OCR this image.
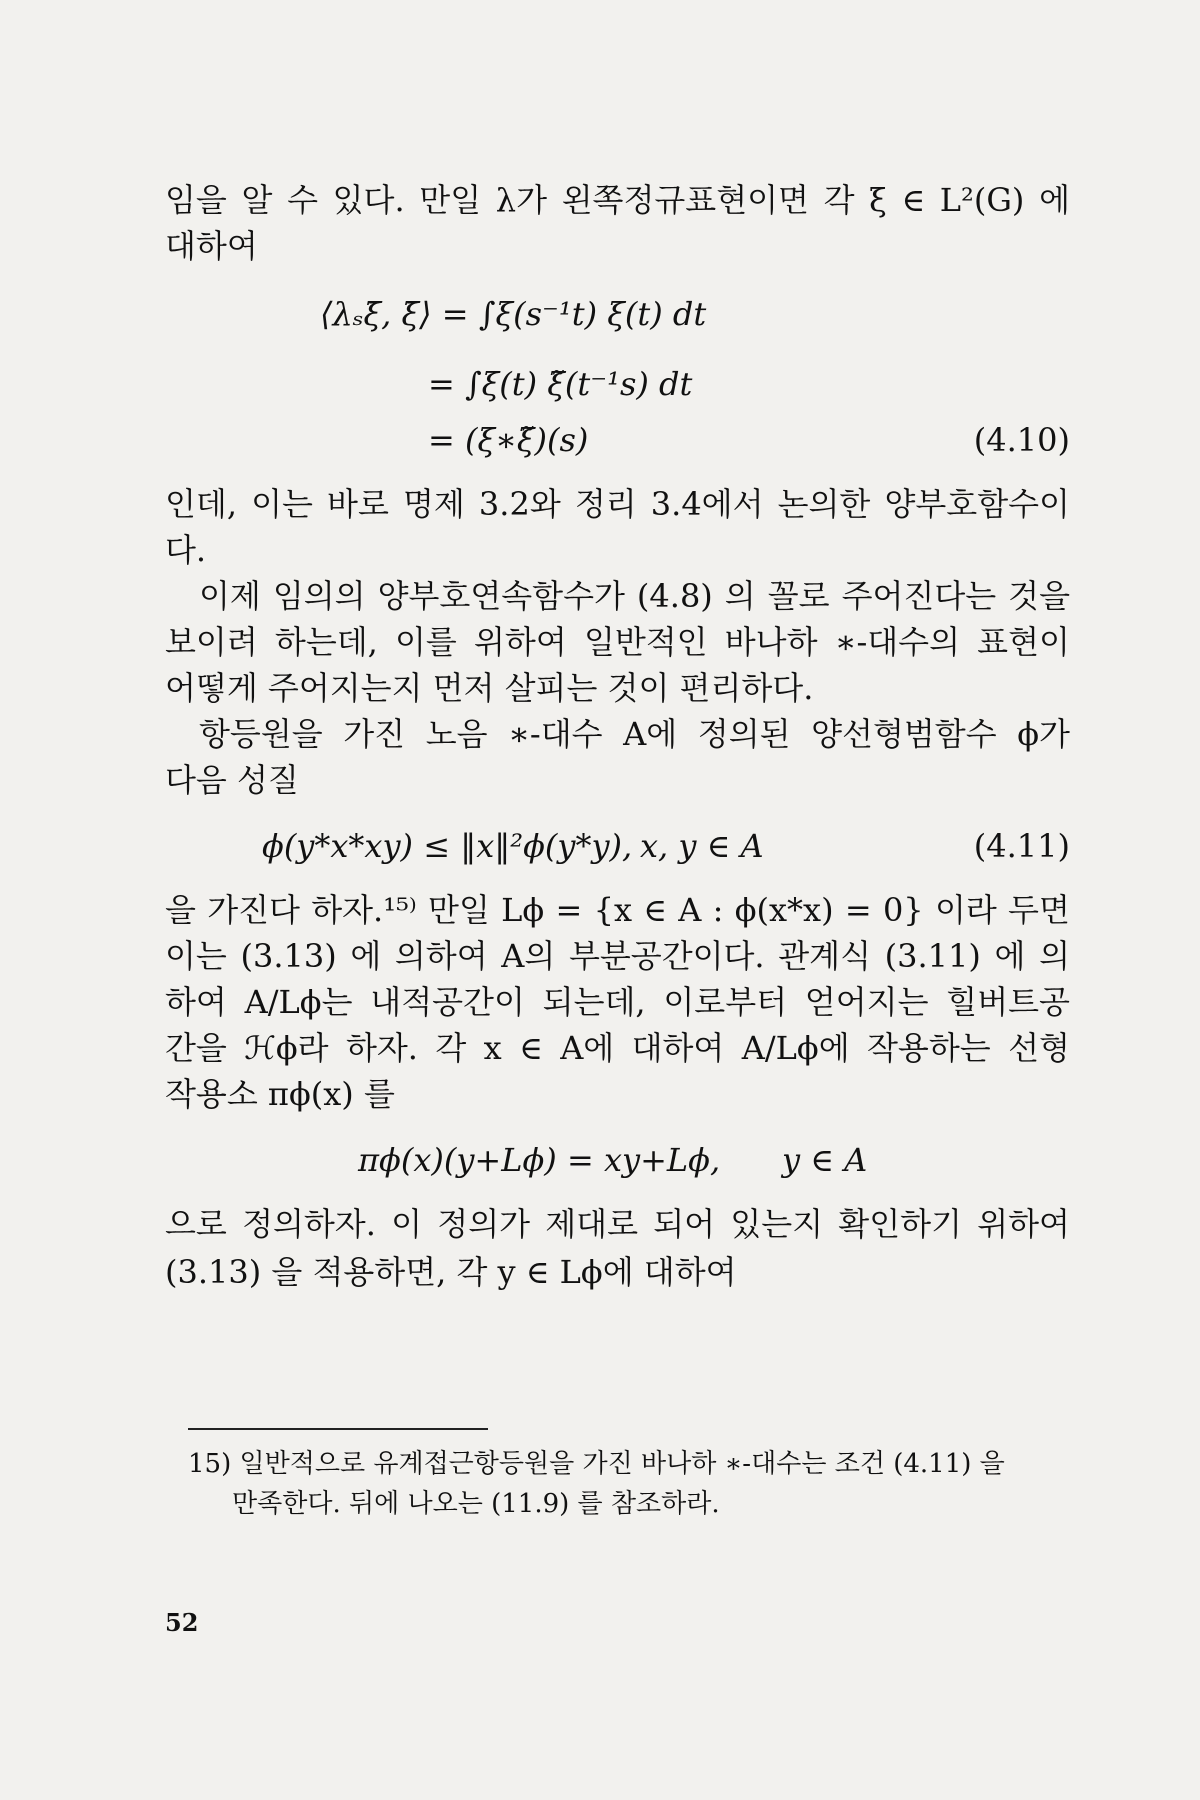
임을 알 수 있다. 만일 λ가 왼쪽정규표현이면 각 ξ ∈ L²(G) 에
대하여
⟨λₛξ̄, ξ̄⟩ = ∫ξ(s⁻¹t) ξ(t) dt
= ∫ξ(t) ξ̃(t⁻¹s) dt
= (ξ∗ξ̃)(s)	(4.10)
인데, 이는 바로 명제 3.2와 정리 3.4에서 논의한 양부호함수이
다.
이제 임의의 양부호연속함수가 (4.8) 의 꼴로 주어진다는 것을
보이려 하는데, 이를 위하여 일반적인 바나하 ∗-대수의 표현이
어떻게 주어지는지 먼저 살피는 것이 편리하다.
항등원을 가진 노음 ∗-대수 A에 정의된 양선형범함수 ϕ가
다음 성질
ϕ(y*x*xy) ≤ ‖x‖²ϕ(y*y), x, y ∈ A	(4.11)
을 가진다 하자.¹⁵⁾ 만일 Lϕ = {x ∈ A : ϕ(x*x) = 0} 이라 두면
이는 (3.13) 에 의하여 A의 부분공간이다. 관계식 (3.11) 에 의
하여 A/Lϕ는 내적공간이 되는데, 이로부터 얻어지는 힐버트공
간을 ℋϕ라 하자. 각 x ∈ A에 대하여 A/Lϕ에 작용하는 선형
작용소 πϕ(x) 를
πϕ(x)(y+Lϕ) = xy+Lϕ, y ∈ A
으로 정의하자. 이 정의가 제대로 되어 있는지 확인하기 위하여
(3.13) 을 적용하면, 각 y ∈ Lϕ에 대하여
15) 일반적으로 유계접근항등원을 가진 바나하 ∗-대수는 조건 (4.11) 을
만족한다. 뒤에 나오는 (11.9) 를 참조하라.
52
